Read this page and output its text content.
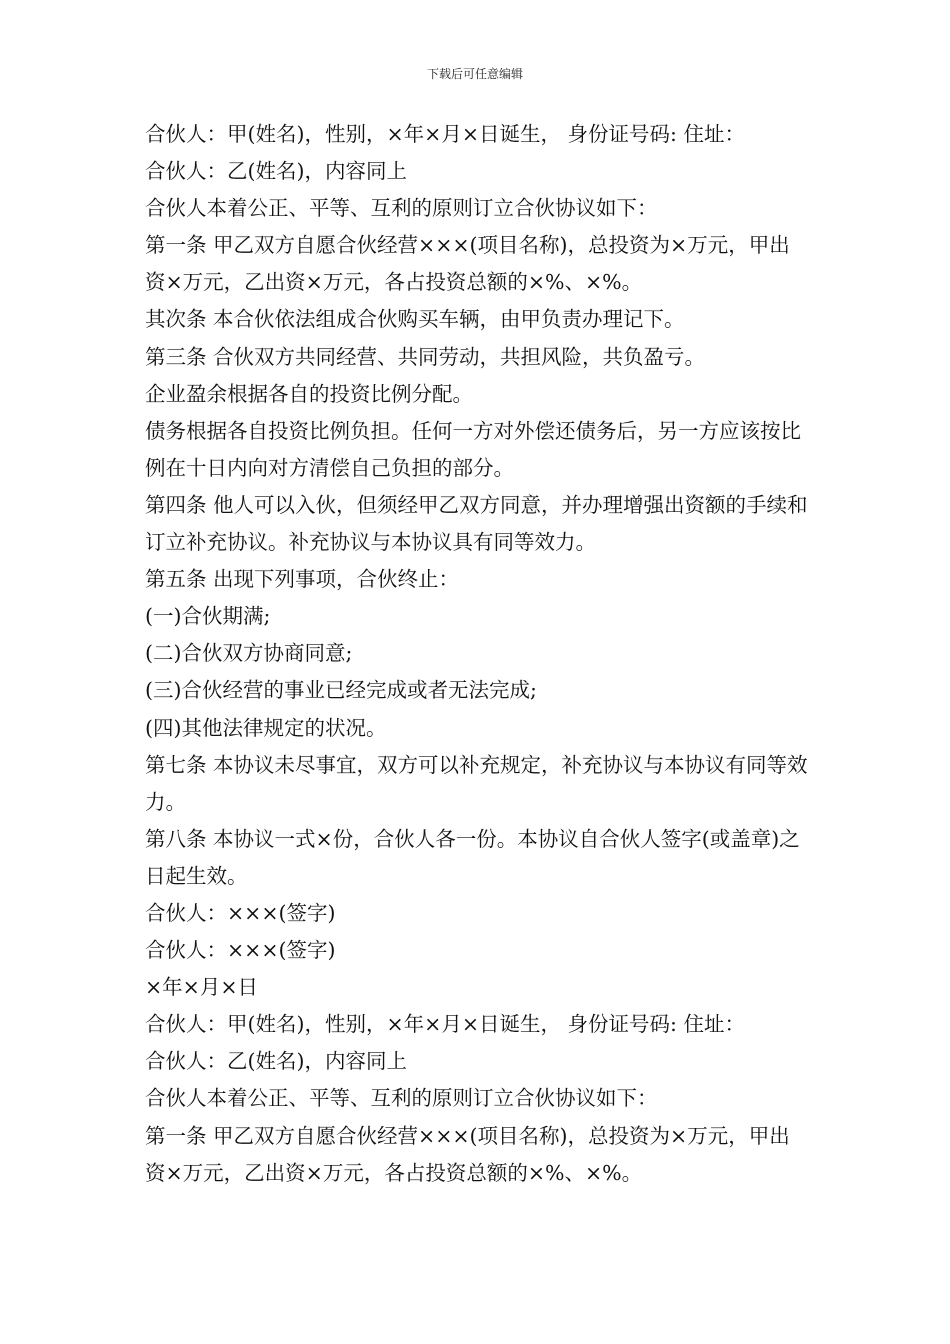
下载后可任意编辑

合伙人：甲(姓名)，性别，×年×月×日诞生， 身份证号码: 住址：

合伙人：乙(姓名)，内容同上

合伙人本着公正、平等、互利的原则订立合伙协议如下：

第一条 甲乙双方自愿合伙经营×××(项目名称)，总投资为×万元，甲出资×万元，乙出资×万元，各占投资总额的×%、×%。

其次条 本合伙依法组成合伙购买车辆，由甲负责办理记下。

第三条 合伙双方共同经营、共同劳动，共担风险，共负盈亏。

企业盈余根据各自的投资比例分配。

债务根据各自投资比例负担。任何一方对外偿还债务后，另一方应该按比例在十日内向对方清偿自己负担的部分。

第四条 他人可以入伙，但须经甲乙双方同意，并办理增强出资额的手续和订立补充协议。补充协议与本协议具有同等效力。

第五条 出现下列事项，合伙终止：

(一)合伙期满;

(二)合伙双方协商同意;

(三)合伙经营的事业已经完成或者无法完成;

(四)其他法律规定的状况。

第七条 本协议未尽事宜，双方可以补充规定，补充协议与本协议有同等效力。

第八条 本协议一式×份，合伙人各一份。本协议自合伙人签字(或盖章)之日起生效。

合伙人：×××(签字)

合伙人：×××(签字)

×年×月×日

合伙人：甲(姓名)，性别，×年×月×日诞生， 身份证号码: 住址：

合伙人：乙(姓名)，内容同上

合伙人本着公正、平等、互利的原则订立合伙协议如下：

第一条 甲乙双方自愿合伙经营×××(项目名称)，总投资为×万元，甲出资×万元，乙出资×万元，各占投资总额的×%、×%。
